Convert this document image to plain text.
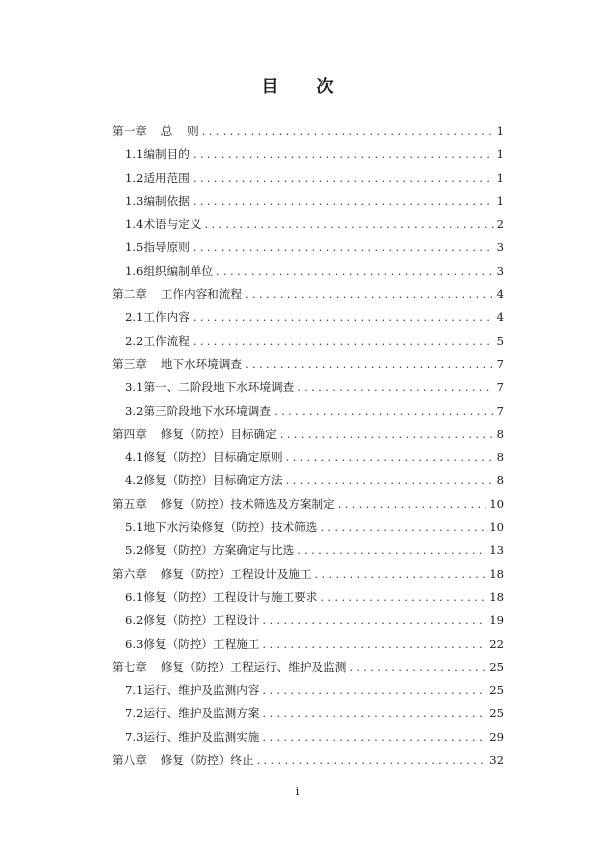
目 次
第一章 总    则 .....	1
1.1编制目的 .....	1
1.2适用范围 .....	1
1.3编制依据 .....	1
1.4术语与定义 .....	2
1.5指导原则 .....	3
1.6组织编制单位 .....	3
第二章 工作内容和流程 .....	4
2.1工作内容 .....	4
2.2工作流程 .....	5
第三章 地下水环境调查 .....	7
3.1第一、二阶段地下水环境调查 .....	7
3.2第三阶段地下水环境调查 .....	7
第四章 修复（防控）目标确定 .....	8
4.1修复（防控）目标确定原则 .....	8
4.2修复（防控）目标确定方法 .....	8
第五章 修复（防控）技术筛选及方案制定 .....	10
5.1地下水污染修复（防控）技术筛选 .....	10
5.2修复（防控）方案确定与比选 .....	13
第六章 修复（防控）工程设计及施工 .....	18
6.1修复（防控）工程设计与施工要求 .....	18
6.2修复（防控）工程设计 .....	19
6.3修复（防控）工程施工 .....	22
第七章 修复（防控）工程运行、维护及监测 .....	25
7.1运行、维护及监测内容 .....	25
7.2运行、维护及监测方案 .....	25
7.3运行、维护及监测实施 .....	29
第八章 修复（防控）终止 .....	32
i
